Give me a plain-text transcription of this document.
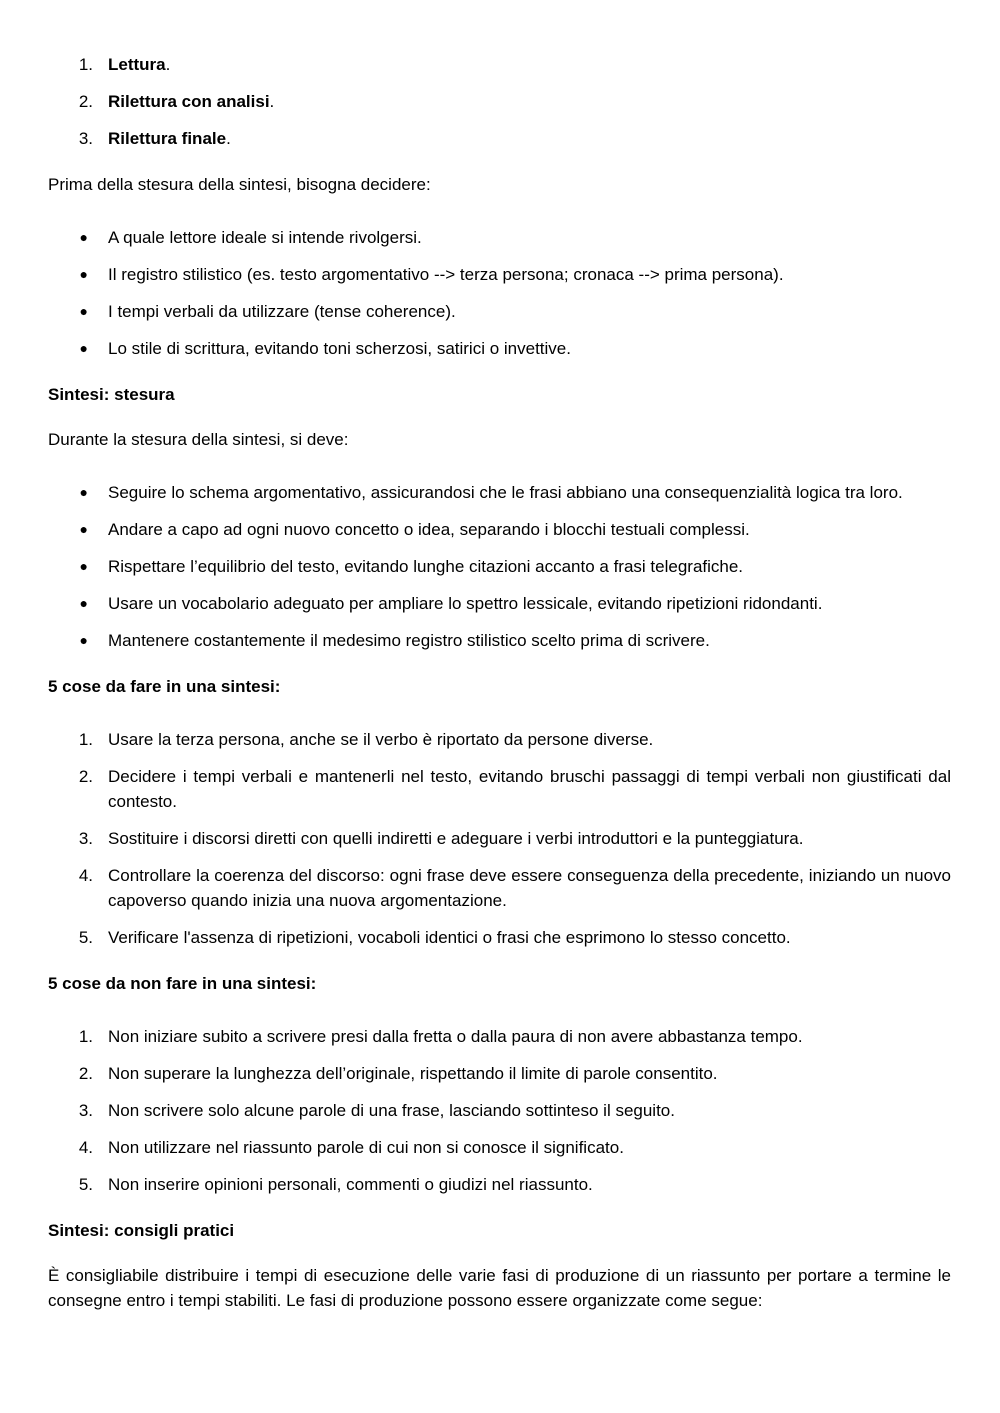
1. Lettura.
2. Rilettura con analisi.
3. Rilettura finale.

Prima della stesura della sintesi, bisogna decidere:

● A quale lettore ideale si intende rivolgersi.
● Il registro stilistico (es. testo argomentativo --> terza persona; cronaca --> prima persona).
● I tempi verbali da utilizzare (tense coherence).
● Lo stile di scrittura, evitando toni scherzosi, satirici o invettive.

Sintesi: stesura

Durante la stesura della sintesi, si deve:

● Seguire lo schema argomentativo, assicurandosi che le frasi abbiano una consequenzialità logica tra loro.
● Andare a capo ad ogni nuovo concetto o idea, separando i blocchi testuali complessi.
● Rispettare l’equilibrio del testo, evitando lunghe citazioni accanto a frasi telegrafiche.
● Usare un vocabolario adeguato per ampliare lo spettro lessicale, evitando ripetizioni ridondanti.
● Mantenere costantemente il medesimo registro stilistico scelto prima di scrivere.

5 cose da fare in una sintesi:

1. Usare la terza persona, anche se il verbo è riportato da persone diverse.
2. Decidere i tempi verbali e mantenerli nel testo, evitando bruschi passaggi di tempi verbali non giustificati dal contesto.
3. Sostituire i discorsi diretti con quelli indiretti e adeguare i verbi introduttori e la punteggiatura.
4. Controllare la coerenza del discorso: ogni frase deve essere conseguenza della precedente, iniziando un nuovo capoverso quando inizia una nuova argomentazione.
5. Verificare l'assenza di ripetizioni, vocaboli identici o frasi che esprimono lo stesso concetto.

5 cose da non fare in una sintesi:

1. Non iniziare subito a scrivere presi dalla fretta o dalla paura di non avere abbastanza tempo.
2. Non superare la lunghezza dell’originale, rispettando il limite di parole consentito.
3. Non scrivere solo alcune parole di una frase, lasciando sottinteso il seguito.
4. Non utilizzare nel riassunto parole di cui non si conosce il significato.
5. Non inserire opinioni personali, commenti o giudizi nel riassunto.

Sintesi: consigli pratici

È consigliabile distribuire i tempi di esecuzione delle varie fasi di produzione di un riassunto per portare a termine le consegne entro i tempi stabiliti. Le fasi di produzione possono essere organizzate come segue:
